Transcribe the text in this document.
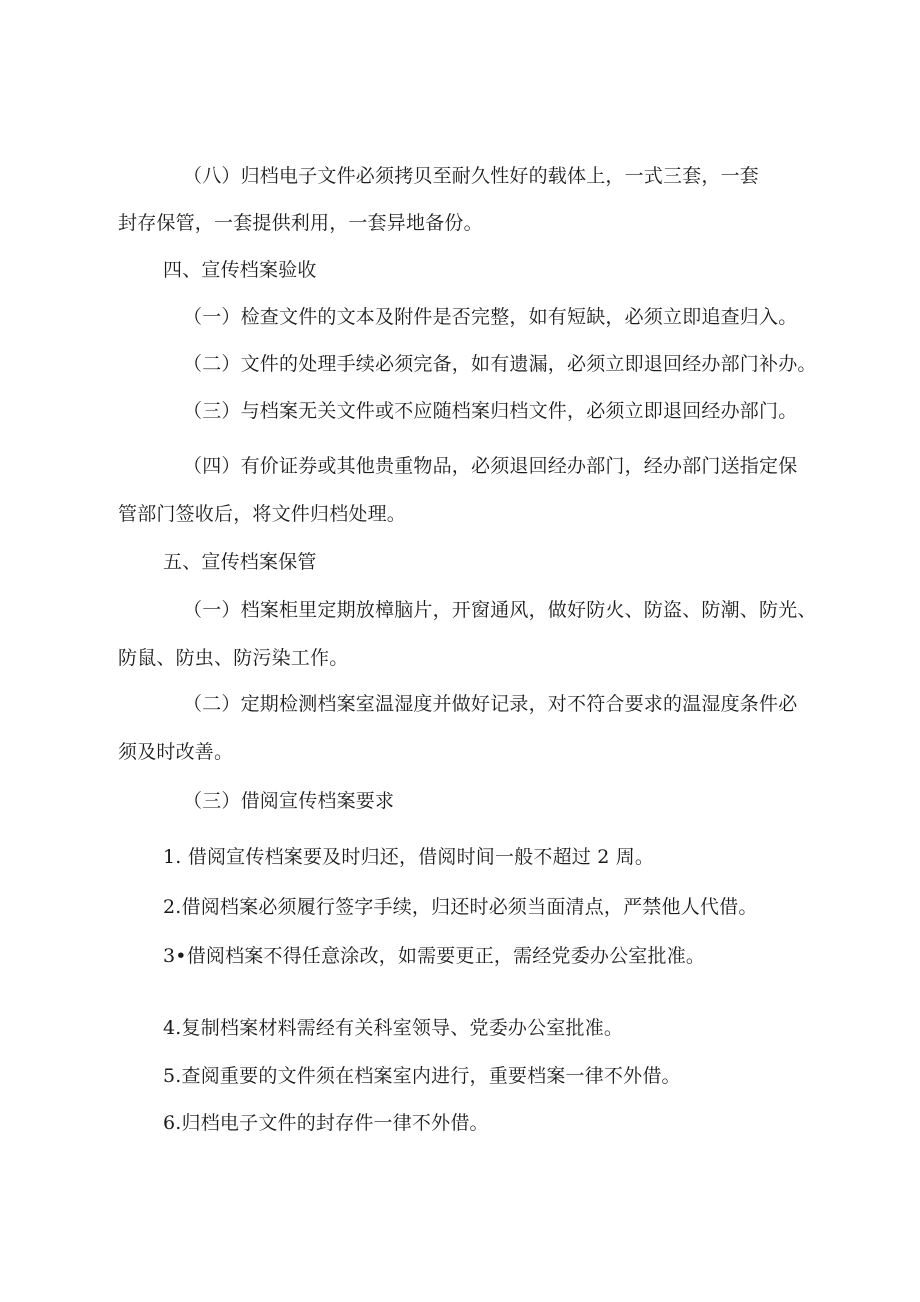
（八）归档电子文件必须拷贝至耐久性好的载体上，一式三套，一套
封存保管，一套提供利用，一套异地备份。
四、宣传档案验收
（一）检查文件的文本及附件是否完整，如有短缺，必须立即追查归入。
（二）文件的处理手续必须完备，如有遗漏，必须立即退回经办部门补办。
（三）与档案无关文件或不应随档案归档文件，必须立即退回经办部门。
（四）有价证券或其他贵重物品，必须退回经办部门，经办部门送指定保
管部门签收后，将文件归档处理。
五、宣传档案保管
（一）档案柜里定期放樟脑片，开窗通风，做好防火、防盗、防潮、防光、
防鼠、防虫、防污染工作。
（二）定期检测档案室温湿度并做好记录，对不符合要求的温湿度条件必
须及时改善。
（三）借阅宣传档案要求
1. 借阅宣传档案要及时归还，借阅时间一般不超过 2 周。
2.借阅档案必须履行签字手续，归还时必须当面清点，严禁他人代借。
3•借阅档案不得任意涂改，如需要更正，需经党委办公室批准。
4.复制档案材料需经有关科室领导、党委办公室批准。
5.查阅重要的文件须在档案室内进行，重要档案一律不外借。
6.归档电子文件的封存件一律不外借。
